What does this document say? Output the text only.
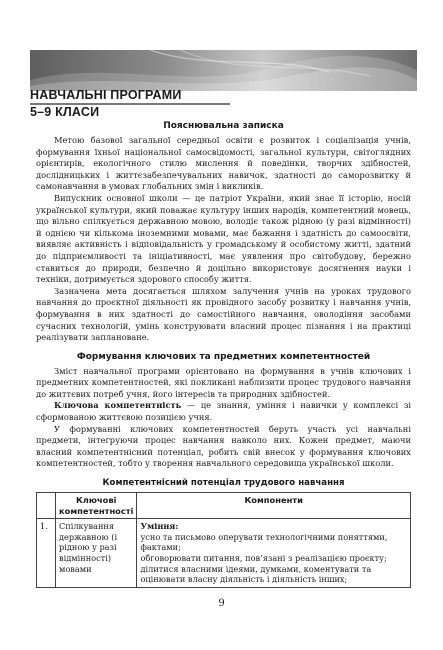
НАВЧАЛЬНІ ПРОГРАМИ
5–9 КЛАСИ
Пояснювальна записка

Метою базової загальної середньої освіти є розвиток і соціалізація учнів, формування їхньої національної самосвідомості, загальної культури, світоглядних орієнтирів, екологічного стилю мислення й поведінки, творчих здібностей, дослідницьких і життєзабезпечувальних навичок, здатності до саморозвитку й самонавчання в умовах глобальних змін і викликів.

Випускник основної школи — це патріот України, який знає її історію, носій української культури, який поважає культуру інших народів, компетентний мовець, що вільно спілкується державною мовою, володіє також рідною (у разі відмінності) й однією чи кількома іноземними мовами, має бажання і здатність до самоосвіти, виявляє активність і відповідальність у громадському й особистому житті, здатний до підприємливості та ініціативності, має уявлення про світобудову, бережно ставиться до природи, безпечно й доцільно використовує досягнення науки і техніки, дотримується здорового способу життя.

Зазначена мета досягається шляхом залучення учнів на уроках трудового навчання до проєктної діяльності як провідного засобу розвитку і навчання учнів, формування в них здатності до самостійного навчання, оволодіння засобами сучасних технологій, умінь конструювати власний процес пізнання і на практиці реалізувати заплановане.

Формування ключових та предметних компетентностей

Зміст навчальної програми орієнтовано на формування в учнів ключових і предметних компетентностей, які покликані наблизити процес трудового навчання до життєвих потреб учня, його інтересів та природних здібностей.

Ключова компетентність — це знання, уміння і навички у комплексі зі сформованою життєвою позицією учня.

У формуванні ключових компетентностей беруть участь усі навчальні предмети, інтегруючи процес навчання навколо них. Кожен предмет, маючи власний компетентнісний потенціал, робить свій внесок у формування ключових компетентностей, тобто у творення навчального середовища української школи.

Компетентнісний потенціал трудового навчання
	Ключові компетентності	Компоненти
1.	Спілкування державною (і рідною у разі відмінності) мовами	Уміння:
усно та письмово оперувати технологічними поняттями, фактами;
обговорювати питання, пов’язані з реалізацією проєкту;
ділитися власними ідеями, думками, коментувати та оцінювати власну діяльність і діяльність інших;
9
